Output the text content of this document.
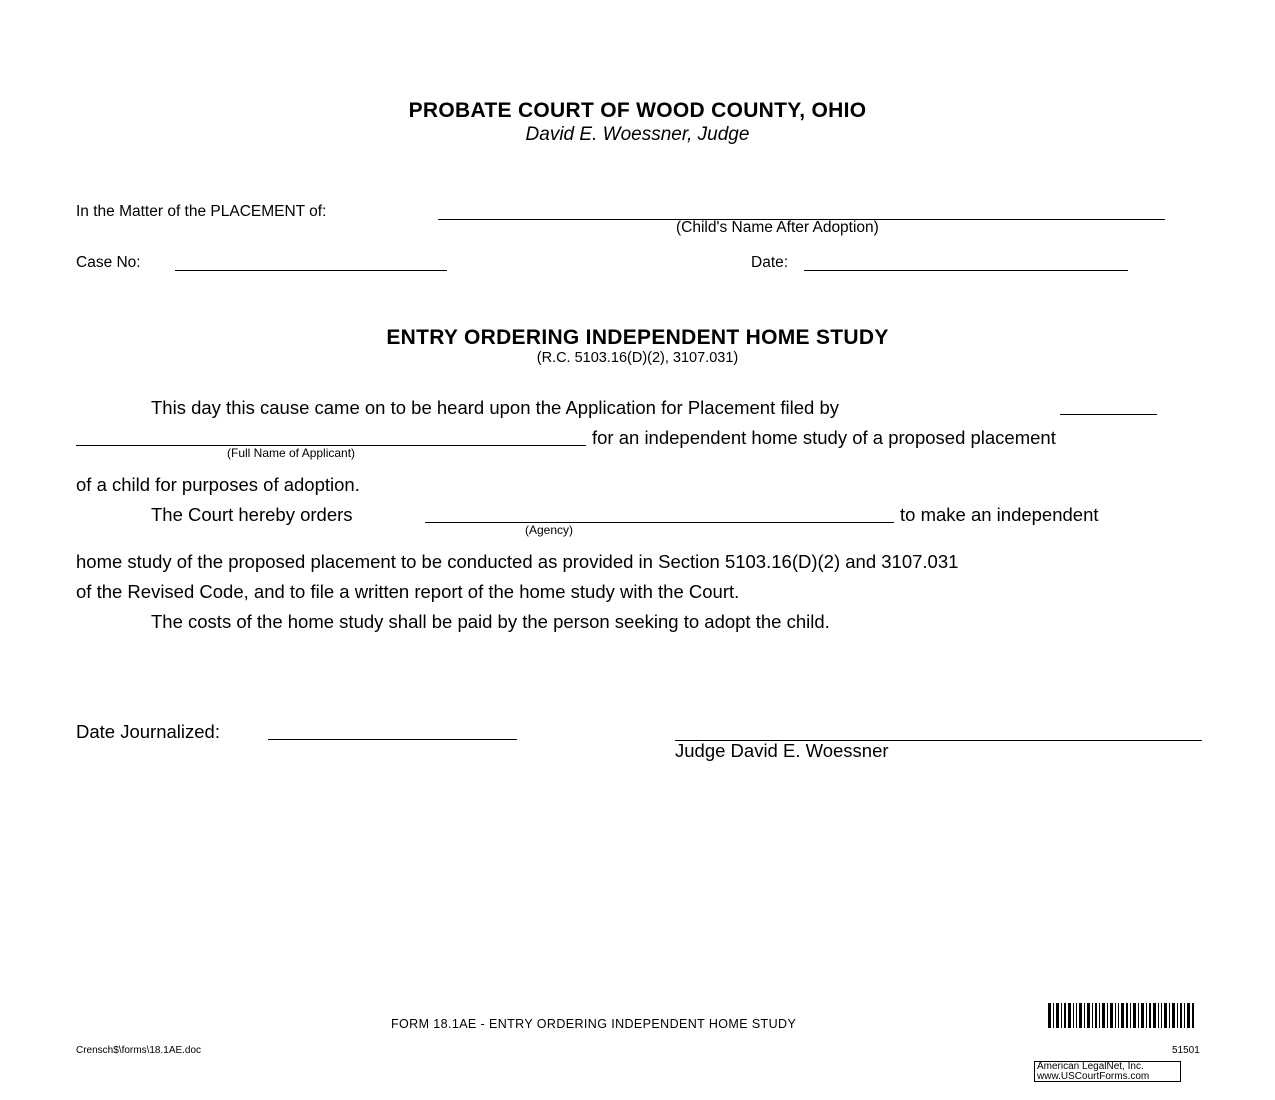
PROBATE COURT OF WOOD COUNTY, OHIO
David E. Woessner, Judge
In the Matter of the PLACEMENT of:
(Child's Name After Adoption)
Case No:	Date:
ENTRY ORDERING INDEPENDENT HOME STUDY
(R.C. 5103.16(D)(2), 3107.031)
This day this cause came on to be heard upon the Application for Placement filed by
for an independent home study of a proposed placement
(Full Name of Applicant)
of a child for purposes of adoption.
The Court hereby orders	to make an independent
(Agency)
home study of the proposed placement to be conducted as provided in Section 5103.16(D)(2) and 3107.031
of the Revised Code, and to file a written report of the home study with the Court.
The costs of the home study shall be paid by the person seeking to adopt the child.
Date Journalized:
Judge David E. Woessner
FORM 18.1AE - ENTRY ORDERING INDEPENDENT HOME STUDY
Crensch$\forms\18.1AE.doc	51501
American LegalNet, Inc.
www.USCourtForms.com
